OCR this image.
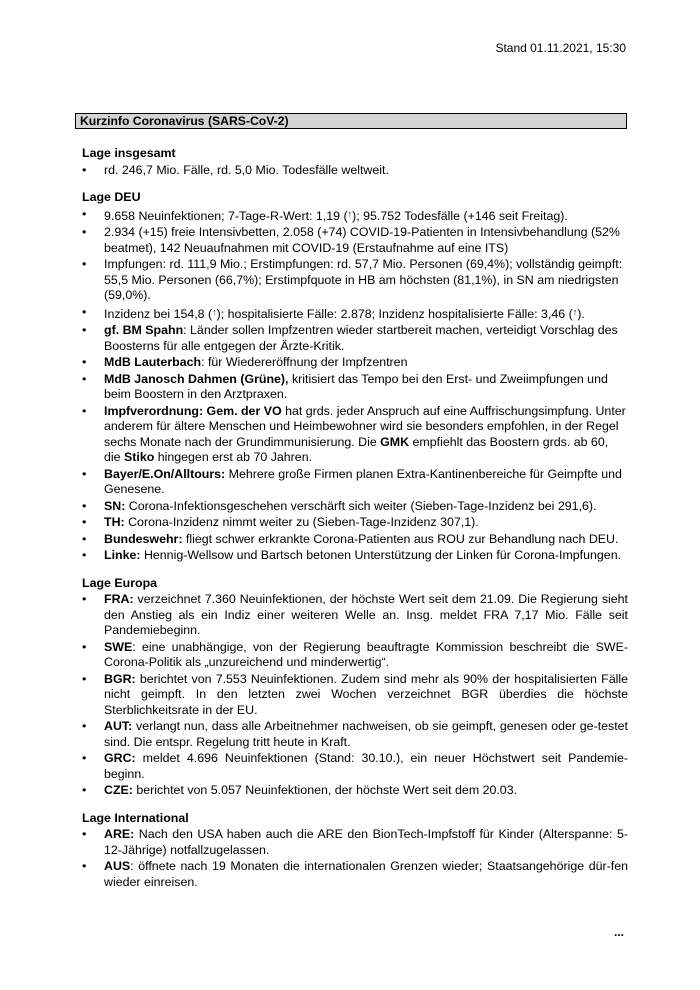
Stand 01.11.2021, 15:30
Kurzinfo Coronavirus (SARS-CoV-2)
Lage insgesamt
• rd. 246,7 Mio. Fälle, rd. 5,0 Mio. Todesfälle weltweit.
Lage DEU
• 9.658 Neuinfektionen; 7-Tage-R-Wert: 1,19 (↑); 95.752 Todesfälle (+146 seit Freitag).
• 2.934 (+15) freie Intensivbetten, 2.058 (+74) COVID-19-Patienten in Intensivbehandlung (52% beatmet), 142 Neuaufnahmen mit COVID-19 (Erstaufnahme auf eine ITS)
• Impfungen: rd. 111,9 Mio.; Erstimpfungen: rd. 57,7 Mio. Personen (69,4%); vollständig geimpft: 55,5 Mio. Personen (66,7%); Erstimpfquote in HB am höchsten (81,1%), in SN am niedrigsten (59,0%).
• Inzidenz bei 154,8 (↑); hospitalisierte Fälle: 2.878; Inzidenz hospitalisierte Fälle: 3,46 (↑).
• gf. BM Spahn: Länder sollen Impfzentren wieder startbereit machen, verteidigt Vorschlag des Boosterns für alle entgegen der Ärzte-Kritik.
• MdB Lauterbach: für Wiedereröffnung der Impfzentren
• MdB Janosch Dahmen (Grüne), kritisiert das Tempo bei den Erst- und Zweiimpfungen und beim Boostern in den Arztpraxen.
• Impfverordnung: Gem. der VO hat grds. jeder Anspruch auf eine Auffrischungsimpfung. Unter anderem für ältere Menschen und Heimbewohner wird sie besonders empfohlen, in der Regel sechs Monate nach der Grundimmunisierung. Die GMK empfiehlt das Boostern grds. ab 60, die Stiko hingegen erst ab 70 Jahren.
• Bayer/E.On/Alltours: Mehrere große Firmen planen Extra-Kantinenbereiche für Geimpfte und Genesene.
• SN: Corona-Infektionsgeschehen verschärft sich weiter (Sieben-Tage-Inzidenz bei 291,6).
• TH: Corona-Inzidenz nimmt weiter zu (Sieben-Tage-Inzidenz 307,1).
• Bundeswehr: fliegt schwer erkrankte Corona-Patienten aus ROU zur Behandlung nach DEU.
• Linke: Hennig-Wellsow und Bartsch betonen Unterstützung der Linken für Corona-Impfungen.
Lage Europa
• FRA: verzeichnet 7.360 Neuinfektionen, der höchste Wert seit dem 21.09. Die Regierung sieht den Anstieg als ein Indiz einer weiteren Welle an. Insg. meldet FRA 7,17 Mio. Fälle seit Pandemiebeginn.
• SWE: eine unabhängige, von der Regierung beauftragte Kommission beschreibt die SWE-Corona-Politik als „unzureichend und minderwertig“.
• BGR: berichtet von 7.553 Neuinfektionen. Zudem sind mehr als 90% der hospitalisierten Fälle nicht geimpft. In den letzten zwei Wochen verzeichnet BGR überdies die höchste Sterblichkeitsrate in der EU.
• AUT: verlangt nun, dass alle Arbeitnehmer nachweisen, ob sie geimpft, genesen oder ge-testet sind. Die entspr. Regelung tritt heute in Kraft.
• GRC: meldet 4.696 Neuinfektionen (Stand: 30.10.), ein neuer Höchstwert seit Pandemie-beginn.
• CZE: berichtet von 5.057 Neuinfektionen, der höchste Wert seit dem 20.03.
Lage International
• ARE: Nach den USA haben auch die ARE den BionTech-Impfstoff für Kinder (Alterspanne: 5-12-Jährige) notfallzugelassen.
• AUS: öffnete nach 19 Monaten die internationalen Grenzen wieder; Staatsangehörige dür-fen wieder einreisen.
...
